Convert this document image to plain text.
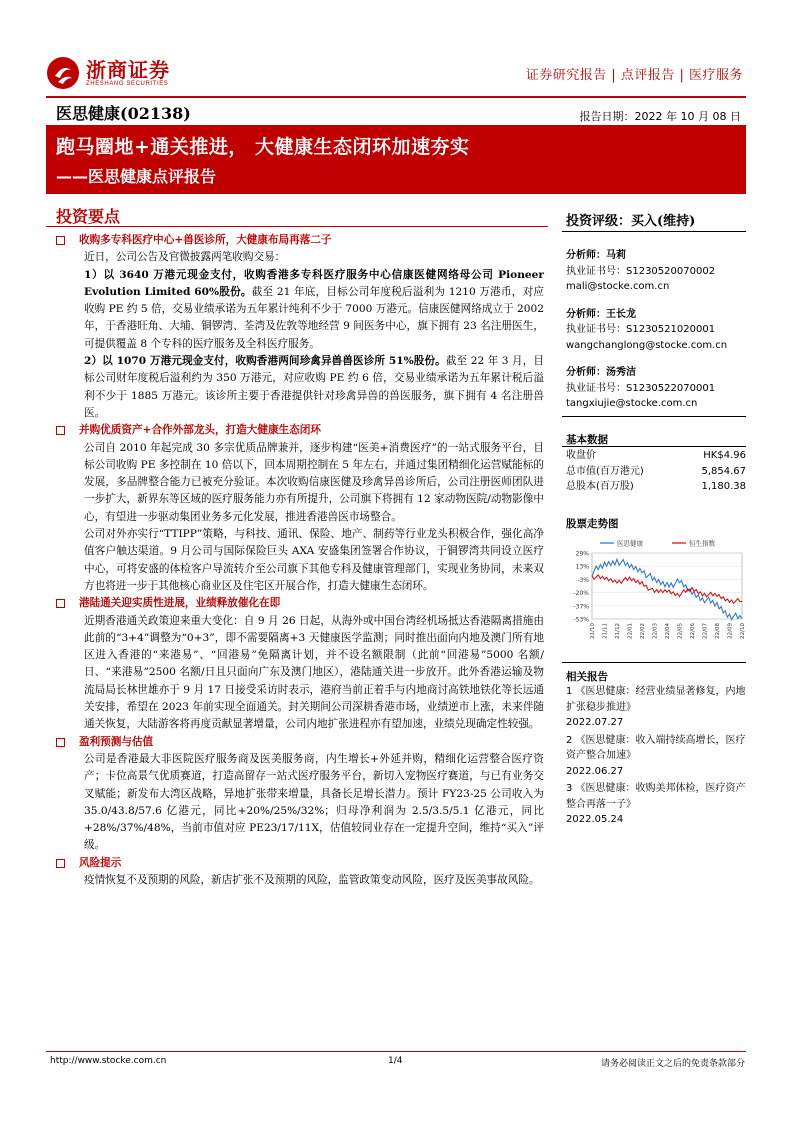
浙商证券
ZHESHANG SECURITIES
证券研究报告 | 点评报告 | 医疗服务
医思健康(02138)	报告日期：2022 年 10 月 08 日
跑马圈地+通关推进， 大健康生态闭环加速夯实
——医思健康点评报告
投资要点
收购多专科医疗中心+兽医诊所，大健康布局再落二子
近日，公司公告及官微披露两笔收购交易：
1）以 3640 万港元现金支付，收购香港多专科医疗服务中心信康医健网络母公司 Pioneer Evolution Limited 60%股份。截至 21 年底，目标公司年度税后溢利为 1210 万港币，对应收购 PE 约 5 倍，交易业绩承诺为五年累计纯利不少于 7000 万港元。信康医健网络成立于 2002 年，于香港旺角、大埔、铜锣湾、荃湾及佐敦等地经营 9 间医务中心，旗下拥有 23 名注册医生，可提供覆盖 8 个专科的医疗服务及全科医疗服务。
2）以 1070 万港元现金支付，收购香港两间珍禽异兽兽医诊所 51%股份。截至 22 年 3 月，目标公司财年度税后溢利约为 350 万港元，对应收购 PE 约 6 倍，交易业绩承诺为五年累计税后溢利不少于 1885 万港元。该诊所主要于香港提供针对珍禽异兽的兽医服务，旗下拥有 4 名注册兽医。
并购优质资产+合作外部龙头，打造大健康生态闭环
公司自 2010 年起完成 30 多宗优质品牌兼并，逐步构建“医美+消费医疗”的一站式服务平台，目标公司收购 PE 多控制在 10 倍以下，回本周期控制在 5 年左右，并通过集团精细化运营赋能标的发展，多品牌整合能力已被充分验证。本次收购信康医健及珍禽异兽诊所后，公司注册医师团队进一步扩大，新界东等区域的医疗服务能力亦有所提升，公司旗下将拥有 12 家动物医院/动物影像中心，有望进一步驱动集团业务多元化发展，推进香港兽医市场整合。
公司对外亦实行“TTIPP”策略，与科技、通讯、保险、地产、制药等行业龙头积极合作，强化高净值客户触达渠道。9 月公司与国际保险巨头 AXA 安盛集团签署合作协议，于铜锣湾共同设立医疗中心，可将安盛的体检客户导流转介至公司旗下其他专科及健康管理部门，实现业务协同，未来双方也将进一步于其他核心商业区及住宅区开展合作，打造大健康生态闭环。
港陆通关迎实质性进展，业绩释放催化在即
近期香港通关政策迎来重大变化：自 9 月 26 日起，从海外或中国台湾经机场抵达香港隔离措施由此前的“3+4”调整为“0+3”，即不需要隔离+3 天健康医学监测；同时推出面向内地及澳门所有地区进入香港的“来港易”、“回港易”免隔离计划，并不设名额限制（此前“回港易”5000 名额/日、“来港易”2500 名额/日且只面向广东及澳门地区），港陆通关进一步放开。此外香港运输及物流局局长林世雄亦于 9 月 17 日接受采访时表示，港府当前正着手与内地商讨高铁地铁化等长远通关安排，希望在 2023 年前实现全面通关。封关期间公司深耕香港市场，业绩逆市上涨，未来伴随通关恢复，大陆游客将再度贡献显著增量，公司内地扩张进程亦有望加速，业绩兑现确定性较强。
盈利预测与估值
公司是香港最大非医院医疗服务商及医美服务商，内生增长+外延并购，精细化运营整合医疗资产；卡位高景气优质赛道，打造高留存一站式医疗服务平台，新切入宠物医疗赛道，与已有业务交叉赋能；新发布大湾区战略，异地扩张带来增量，具备长足增长潜力。预计 FY23-25 公司收入为 35.0/43.8/57.6 亿港元，同比+20%/25%/32%；归母净利润为 2.5/3.5/5.1 亿港元，同比+28%/37%/48%，当前市值对应 PE23/17/11X，估值较同业存在一定提升空间，维持“买入”评级。
风险提示
疫情恢复不及预期的风险，新店扩张不及预期的风险，监管政策变动风险，医疗及医美事故风险。
投资评级：买入(维持)
分析师：马莉
执业证书号：S1230520070002
mali@stocke.com.cn
分析师：王长龙
执业证书号：S1230521020001
wangchanglong@stocke.com.cn
分析师：汤秀洁
执业证书号：S1230522070001
tangxiujie@stocke.com.cn
基本数据
收盘价	HK$4.96
总市值(百万港元)	5,854.67
总股本(百万股)	1,180.38
股票走势图
29%
13%
-3%
-20%
-37%
-53%
21/10 21/11 21/12 22/01 22/02 22/03 22/04 22/05 22/06 22/07 22/08 22/09 22/10
医思健康	恒生指数
相关报告
1 《医思健康：经营业绩显著修复，内地扩张稳步推进》
2022.07.27
2 《医思健康：收入端持续高增长，医疗资产整合加速》
2022.06.27
3 《医思健康：收购美邦体检，医疗资产整合再落一子》
2022.05.24
http://www.stocke.com.cn	1/4	请务必阅读正文之后的免责条款部分
